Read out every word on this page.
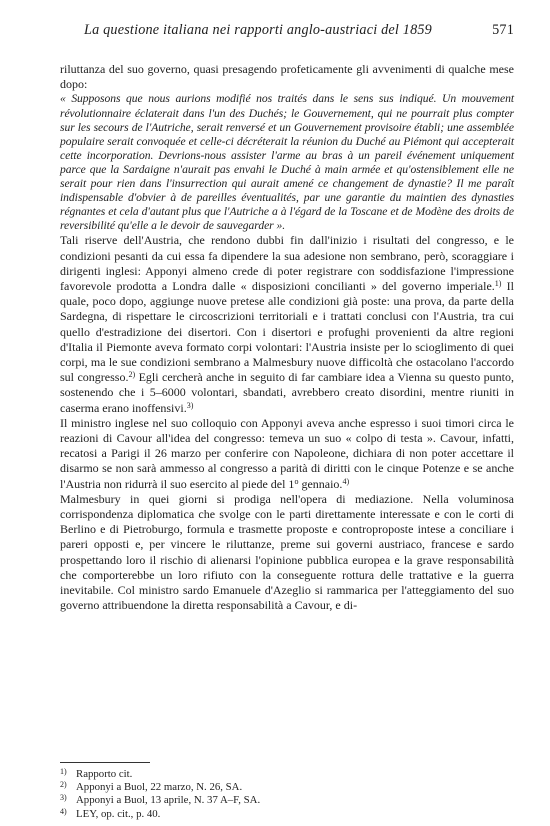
La questione italiana nei rapporti anglo-austriaci del 1859	571

riluttanza del suo governo, quasi presagendo profeticamente gli avvenimenti di qualche mese dopo:

« Supposons que nous aurions modifié nos traités dans le sens sus indiqué. Un mouvement révolutionnaire éclaterait dans l'un des Duchés; le Gouvernement, qui ne pourrait plus compter sur les secours de l'Autriche, serait renversé et un Gouvernement provisoire établi; une assemblée populaire serait convoquée et celle-ci décréterait la réunion du Duché au Piémont qui accepterait cette incorporation. Devrions-nous assister l'arme au bras à un pareil événement uniquement parce que la Sardaigne n'aurait pas envahi le Duché à main armée et qu'ostensiblement elle ne serait pour rien dans l'insurrection qui aurait amené ce changement de dynastie? Il me paraît indispensable d'obvier à de pareilles éventualités, par une garantie du maintien des dynasties régnantes et cela d'autant plus que l'Autriche a à l'égard de la Toscane et de Modène des droits de reversibilité qu'elle a le devoir de sauvegarder ».

Tali riserve dell'Austria, che rendono dubbi fin dall'inizio i risultati del congresso, e le condizioni pesanti da cui essa fa dipendere la sua adesione non sembrano, però, scoraggiare i dirigenti inglesi: Apponyi almeno crede di poter registrare con soddisfazione l'impressione favorevole prodotta a Londra dalle « disposizioni concilianti » del governo imperiale.$^{1)}$ Il quale, poco dopo, aggiunge nuove pretese alle condizioni già poste: una prova, da parte della Sardegna, di rispettare le circoscrizioni territoriali e i trattati conclusi con l'Austria, tra cui quello d'estradizione dei disertori. Con i disertori e profughi provenienti da altre regioni d'Italia il Piemonte aveva formato corpi volontari: l'Austria insiste per lo scioglimento di quei corpi, ma le sue condizioni sembrano a Malmesbury nuove difficoltà che ostacolano l'accordo sul congresso.$^{2)}$ Egli cercherà anche in seguito di far cambiare idea a Vienna su questo punto, sostenendo che i 5–6000 volontari, sbandati, avrebbero creato disordini, mentre riuniti in caserma erano inoffensivi.$^{3)}$

Il ministro inglese nel suo colloquio con Apponyi aveva anche espresso i suoi timori circa le reazioni di Cavour all'idea del congresso: temeva un suo « colpo di testa ». Cavour, infatti, recatosi a Parigi il 26 marzo per conferire con Napoleone, dichiara di non poter accettare il disarmo se non sarà ammesso al congresso a parità di diritti con le cinque Potenze e se anche l'Austria non ridurrà il suo esercito al piede del 1$^o$ gennaio.$^{4)}$

Malmesbury in quei giorni si prodiga nell'opera di mediazione. Nella voluminosa corrispondenza diplomatica che svolge con le parti direttamente interessate e con le corti di Berlino e di Pietroburgo, formula e trasmette proposte e controproposte intese a conciliare i pareri opposti e, per vincere le riluttanze, preme sui governi austriaco, francese e sardo prospettando loro il rischio di alienarsi l'opinione pubblica europea e la grave responsabilità che comporterebbe un loro rifiuto con la conseguente rottura delle trattative e la guerra inevitabile. Col ministro sardo Emanuele d'Azeglio si rammarica per l'atteggiamento del suo governo attribuendone la diretta responsabilità a Cavour, e di-

1) Rapporto cit.
2) Apponyi a Buol, 22 marzo, N. 26, SA.
3) Apponyi a Buol, 13 aprile, N. 37 A–F, SA.
4) LEY, op. cit., p. 40.
